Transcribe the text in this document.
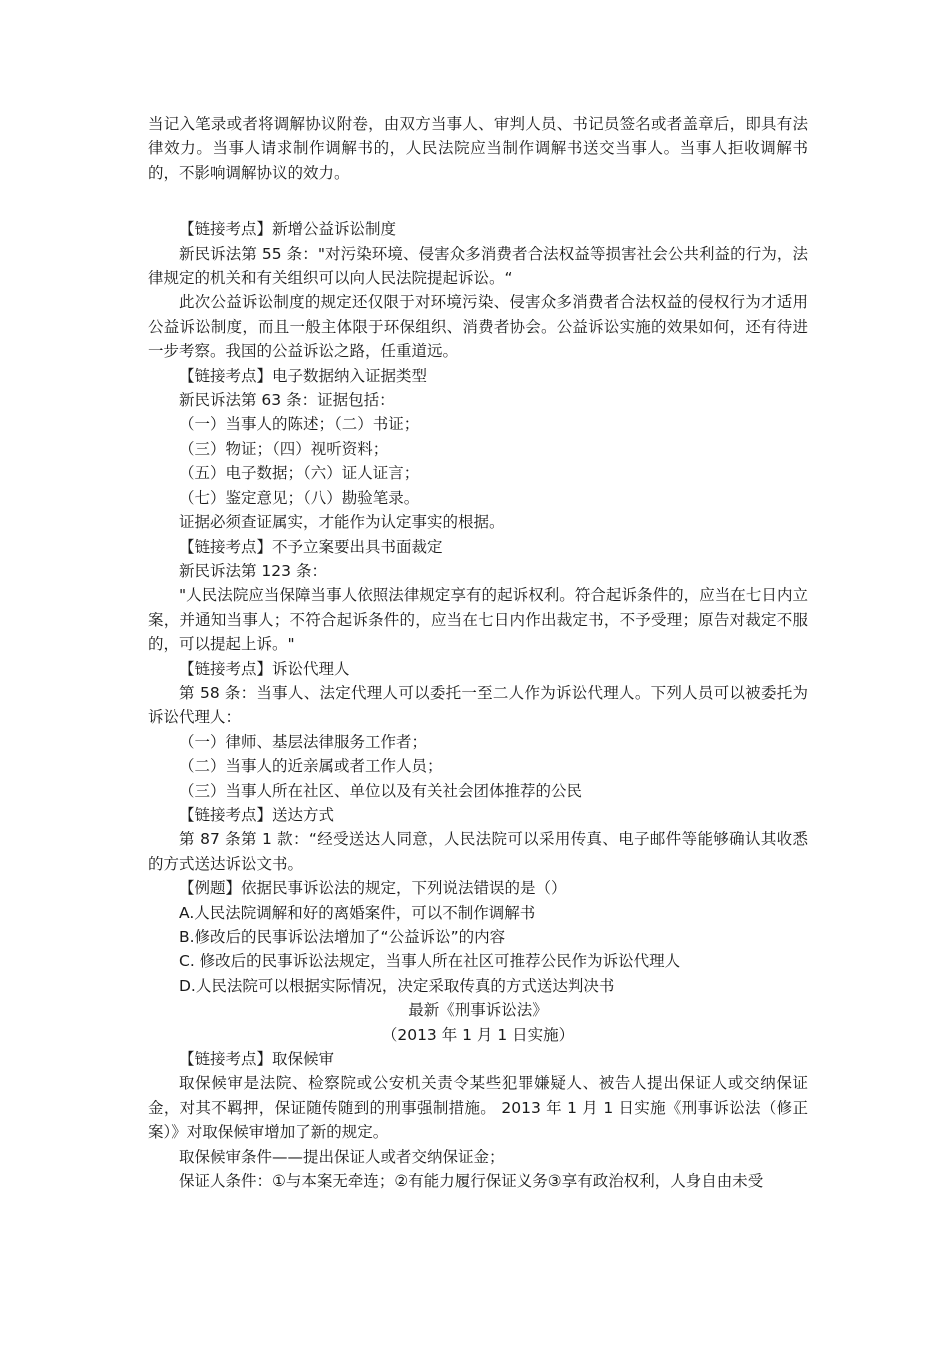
当记入笔录或者将调解协议附卷，由双方当事人、审判人员、书记员签名或者盖章后，即具有法律效力。当事人请求制作调解书的，人民法院应当制作调解书送交当事人。当事人拒收调解书的，不影响调解协议的效力。

【链接考点】新增公益诉讼制度

新民诉法第 55 条："对污染环境、侵害众多消费者合法权益等损害社会公共利益的行为，法律规定的机关和有关组织可以向人民法院提起诉讼。“

此次公益诉讼制度的规定还仅限于对环境污染、侵害众多消费者合法权益的侵权行为才适用公益诉讼制度，而且一般主体限于环保组织、消费者协会。公益诉讼实施的效果如何，还有待进一步考察。我国的公益诉讼之路，任重道远。

【链接考点】电子数据纳入证据类型

新民诉法第 63 条：证据包括：

（一）当事人的陈述；（二）书证；

（三）物证；（四）视听资料；

（五）电子数据；（六）证人证言；

（七）鉴定意见；（八）勘验笔录。

证据必须查证属实，才能作为认定事实的根据。

【链接考点】不予立案要出具书面裁定

新民诉法第 123 条：

"人民法院应当保障当事人依照法律规定享有的起诉权利。符合起诉条件的，应当在七日内立案，并通知当事人；不符合起诉条件的，应当在七日内作出裁定书，不予受理；原告对裁定不服的，可以提起上诉。"

【链接考点】诉讼代理人

第 58 条：当事人、法定代理人可以委托一至二人作为诉讼代理人。下列人员可以被委托为诉讼代理人：

（一）律师、基层法律服务工作者；

（二）当事人的近亲属或者工作人员；

（三）当事人所在社区、单位以及有关社会团体推荐的公民

【链接考点】送达方式

第 87 条第 1 款：“经受送达人同意，人民法院可以采用传真、电子邮件等能够确认其收悉的方式送达诉讼文书。

【例题】依据民事诉讼法的规定，下列说法错误的是（）

A.人民法院调解和好的离婚案件，可以不制作调解书

B.修改后的民事诉讼法增加了“公益诉讼”的内容

C. 修改后的民事诉讼法规定，当事人所在社区可推荐公民作为诉讼代理人

D.人民法院可以根据实际情况，决定采取传真的方式送达判决书

最新《刑事诉讼法》

（2013 年 1 月 1 日实施）

【链接考点】取保候审

取保候审是法院、检察院或公安机关责令某些犯罪嫌疑人、被告人提出保证人或交纳保证金，对其不羁押，保证随传随到的刑事强制措施。 2013 年 1 月 1 日实施《刑事诉讼法（修正案）》对取保候审增加了新的规定。

取保候审条件——提出保证人或者交纳保证金；

保证人条件：①与本案无牵连；②有能力履行保证义务③享有政治权利，人身自由未受
